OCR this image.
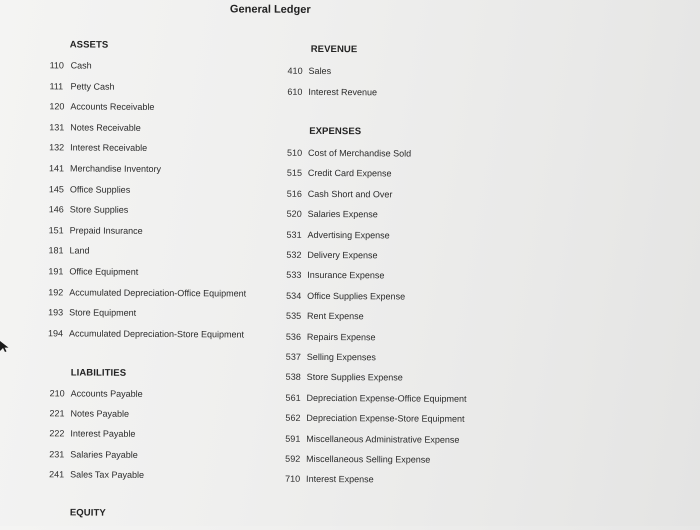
General Ledger
ASSETS
110 Cash
111 Petty Cash
120 Accounts Receivable
131 Notes Receivable
132 Interest Receivable
141 Merchandise Inventory
145 Office Supplies
146 Store Supplies
151 Prepaid Insurance
181 Land
191 Office Equipment
192 Accumulated Depreciation-Office Equipment
193 Store Equipment
194 Accumulated Depreciation-Store Equipment
LIABILITIES
210 Accounts Payable
221 Notes Payable
222 Interest Payable
231 Salaries Payable
241 Sales Tax Payable
EQUITY
REVENUE
410 Sales
610 Interest Revenue
EXPENSES
510 Cost of Merchandise Sold
515 Credit Card Expense
516 Cash Short and Over
520 Salaries Expense
531 Advertising Expense
532 Delivery Expense
533 Insurance Expense
534 Office Supplies Expense
535 Rent Expense
536 Repairs Expense
537 Selling Expenses
538 Store Supplies Expense
561 Depreciation Expense-Office Equipment
562 Depreciation Expense-Store Equipment
591 Miscellaneous Administrative Expense
592 Miscellaneous Selling Expense
710 Interest Expense
